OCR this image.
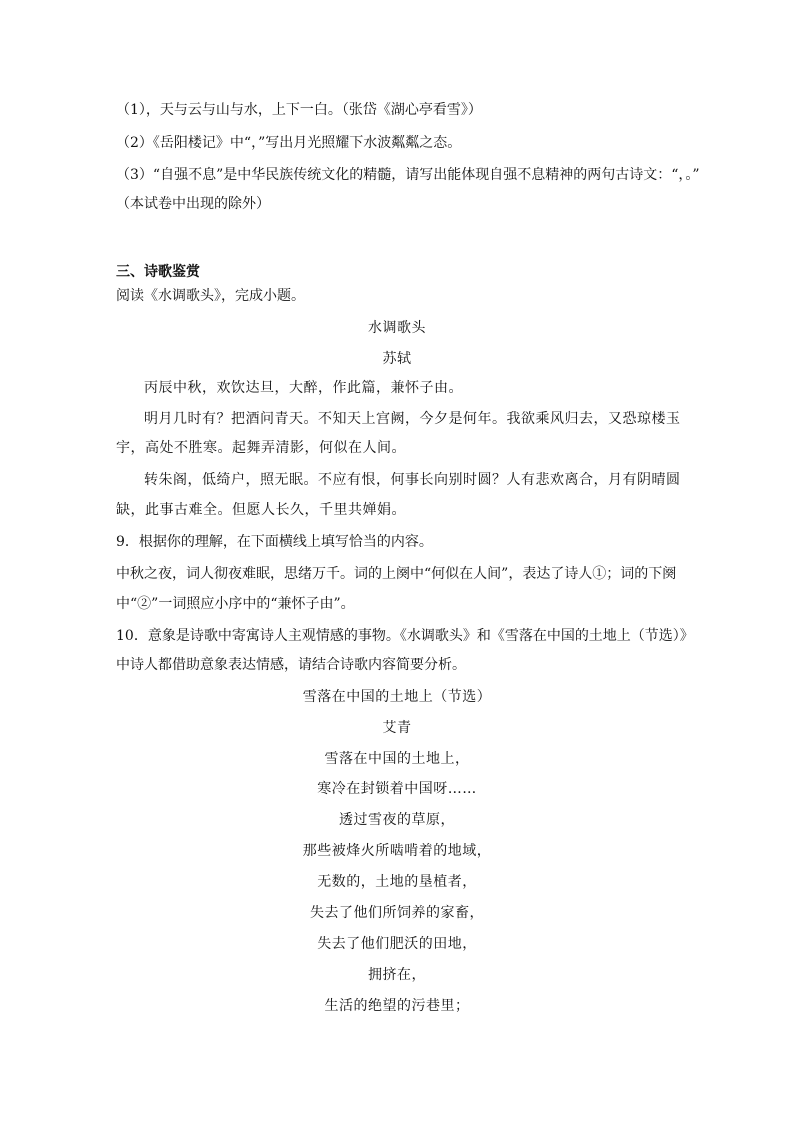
（1），天与云与山与水，上下一白。（张岱《湖心亭看雪》）
（2）《岳阳楼记》中“，”写出月光照耀下水波粼粼之态。
（3）“自强不息”是中华民族传统文化的精髓，请写出能体现自强不息精神的两句古诗文：“，。”
（本试卷中出现的除外）
三、诗歌鉴赏
阅读《水调歌头》，完成小题。
水调歌头
苏轼
丙辰中秋，欢饮达旦，大醉，作此篇，兼怀子由。
明月几时有？把酒问青天。不知天上宫阙，今夕是何年。我欲乘风归去，又恐琼楼玉
宇，高处不胜寒。起舞弄清影，何似在人间。
转朱阁，低绮户，照无眠。不应有恨，何事长向别时圆？人有悲欢离合，月有阴晴圆
缺，此事古难全。但愿人长久，千里共婵娟。
9．根据你的理解，在下面横线上填写恰当的内容。
中秋之夜，词人彻夜难眠，思绪万千。词的上阕中“何似在人间”，表达了诗人①；词的下阕
中“②”一词照应小序中的“兼怀子由”。
10．意象是诗歌中寄寓诗人主观情感的事物。《水调歌头》和《雪落在中国的土地上（节选）》
中诗人都借助意象表达情感，请结合诗歌内容简要分析。
雪落在中国的土地上（节选）
艾青
雪落在中国的土地上，
寒冷在封锁着中国呀……
透过雪夜的草原，
那些被烽火所啮啃着的地域，
无数的，土地的垦植者，
失去了他们所饲养的家畜，
失去了他们肥沃的田地，
拥挤在，
生活的绝望的污巷里；
